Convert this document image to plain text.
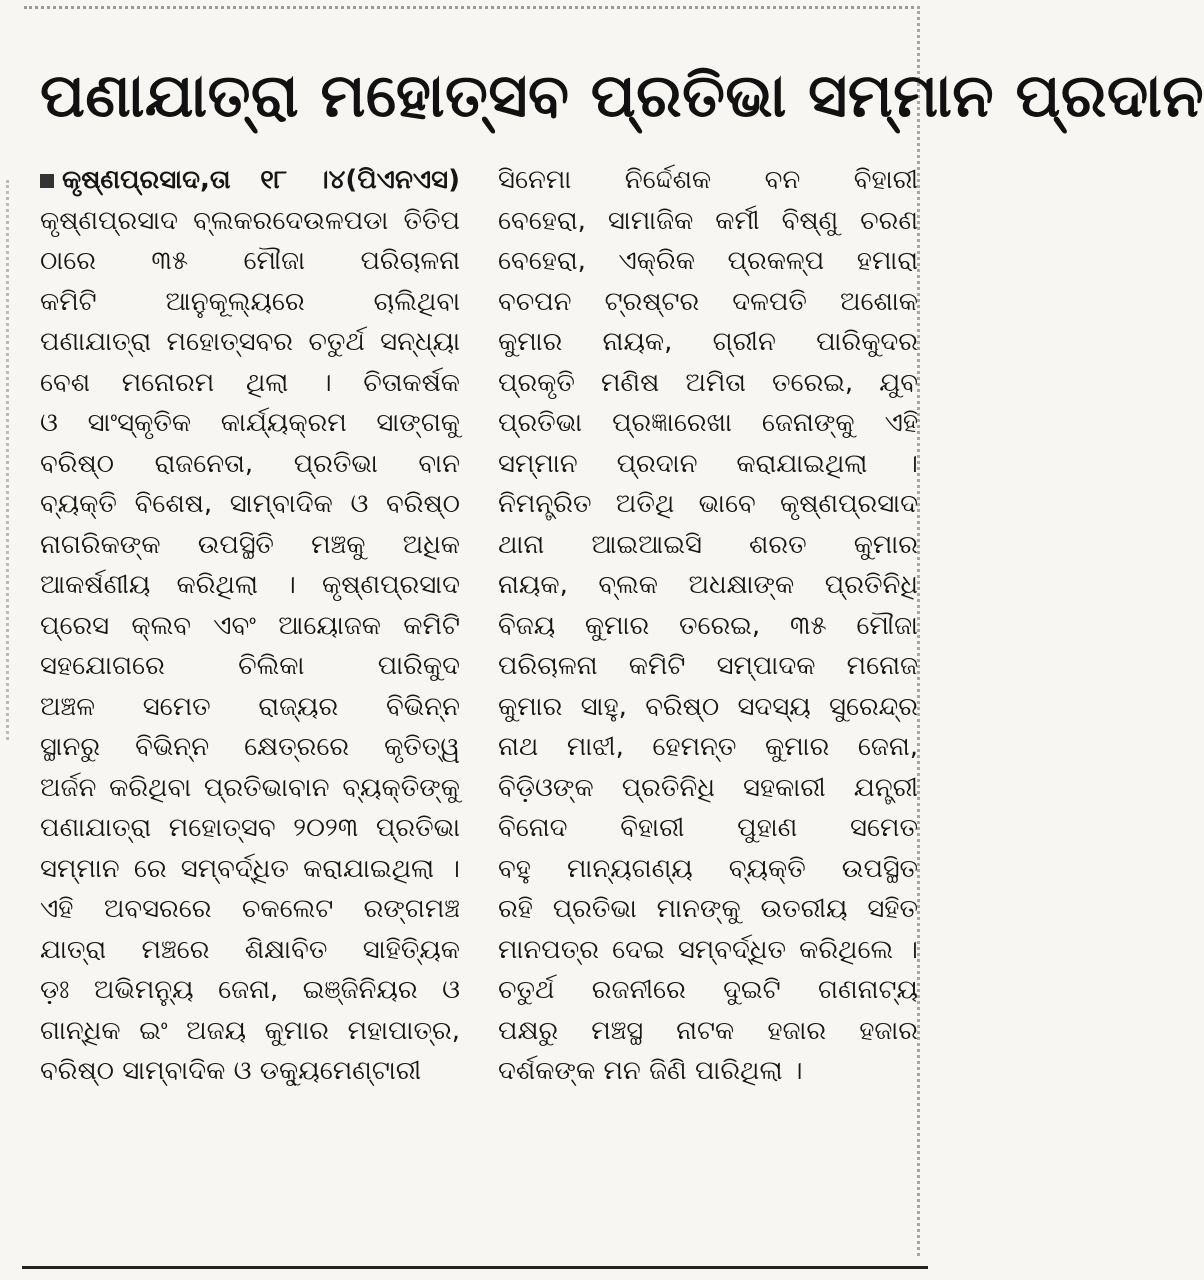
ପଣାଯାତ୍ରା ମହୋତ୍ସବ ପ୍ରତିଭା ସମ୍ମାନ ପ୍ରଦାନ

କୃଷ୍ଣପ୍ରସାଦ,ତା ୧୮ ।୪(ପିଏନଏସ)

କୃଷ୍ଣପ୍ରସାଦ ବ୍ଲକରଦେଉଳପଡା ତିତିପ

ଠାରେ ୩୫ ମୌଜା ପରିଚାଳନା

କମିଟି ଆନୁକୂଲ୍ୟରେ ଚାଲିଥିବା

ପଣାଯାତ୍ରା ମହୋତ୍ସବର ଚତୁର୍ଥ ସନ୍ଧ୍ୟା

ବେଶ ମନୋରମ ଥିଲା । ଚିତାକର୍ଷକ

ଓ ସାଂସ୍କୃତିକ କାର୍ଯ୍ୟକ୍ରମ ସାଙ୍ଗକୁ

ବରିଷ୍ଠ ରାଜନେତା, ପ୍ରତିଭା ବାନ

ବ୍ୟକ୍ତି ବିଶେଷ, ସାମ୍ବାଦିକ ଓ ବରିଷ୍ଠ

ନାଗରିକଙ୍କ ଉପସ୍ଥିତି ମଞ୍ଚକୁ ଅଧିକ

ଆକର୍ଷଣୀୟ କରିଥିଲା । କୃଷ୍ଣପ୍ରସାଦ

ପ୍ରେସ କ୍ଲବ ଏବଂ ଆୟୋଜକ କମିଟି

ସହଯୋଗରେ ଚିଲିକା ପାରିକୁଦ

ଅଞ୍ଚଳ ସମେତ ରାଜ୍ୟର ବିଭିନ୍ନ

ସ୍ଥାନରୁ ବିଭିନ୍ନ କ୍ଷେତ୍ରରେ କୃତିତ୍ୱ

ଅର୍ଜନ କରିଥିବା ପ୍ରତିଭାବାନ ବ୍ୟକ୍ତିଙ୍କୁ

ପଣାଯାତ୍ରା ମହୋତ୍ସବ ୨୦୨୩ ପ୍ରତିଭା

ସମ୍ମାନ ରେ ସମ୍ବର୍ଦ୍ଧିତ କରାଯାଇଥିଲା ।

ଏହି ଅବସରରେ ଚକଲେଟ ରଙ୍ଗମଞ୍ଚ

ଯାତ୍ରା ମଞ୍ଚରେ ଶିକ୍ଷାବିତ ସାହିତ୍ୟିକ

ଡ଼ଃ ଅଭିମନ୍ୟୁ ଜେନା, ଇଞ୍ଜିନିୟର ଓ

ଗାନ୍ଧିକ ଇଂ ଅଜୟ କୁମାର ମହାପାତ୍ର,

ବରିଷ୍ଠ ସାମ୍ବାଦିକ ଓ ଡକ୍ୟୁମେଣ୍ଟାରୀ

ସିନେମା ନିର୍ଦ୍ଦେଶକ ବନ ବିହାରୀ

ବେହେରା, ସାମାଜିକ କର୍ମୀ ବିଷ୍ଣୁ ଚରଣ

ବେହେରା, ଏକ୍ରିକ ପ୍ରକଳ୍ପ ହମାରା

ବଚପନ ଟ୍ରଷ୍ଟର ଦଳପତି ଅଶୋକ

କୁମାର ନାୟକ, ଗ୍ରୀନ ପାରିକୁଦର

ପ୍ରକୃତି ମଣିଷ ଅମିତା ତରେଇ, ଯୁବ

ପ୍ରତିଭା ପ୍ରଜ୍ଞାରେଖା ଜେନାଙ୍କୁ ଏହି

ସମ୍ମାନ ପ୍ରଦାନ କରାଯାଇଥିଲା ।

ନିମନ୍ତ୍ରିତ ଅତିଥି ଭାବେ କୃଷ୍ଣପ୍ରସାଦ

ଥାନା ଆଇଆଇସି ଶରତ କୁମାର

ନାୟକ, ବ୍ଲକ ଅଧକ୍ଷାଙ୍କ ପ୍ରତିନିଧି

ବିଜୟ କୁମାର ତରେଇ, ୩୫ ମୌଜା

ପରିଚାଳନା କମିଟି ସମ୍ପାଦକ ମନୋଜ

କୁମାର ସାହୁ, ବରିଷ୍ଠ ସଦସ୍ୟ ସୁରେନ୍ଦ୍ର

ନାଥ ମାଝୀ, ହେମନ୍ତ କୁମାର ଜେନା,

ବିଡ଼ିଓଙ୍କ ପ୍ରତିନିଧି ସହକାରୀ ଯନ୍ତ୍ରୀ

ବିନୋଦ ବିହାରୀ ପୁହାଣ ସମେତ

ବହୁ ମାନ୍ୟଗଣ୍ୟ ବ୍ୟକ୍ତି ଉପସ୍ଥିତ

ରହି ପ୍ରତିଭା ମାନଙ୍କୁ ଉତରୀୟ ସହିତ

ମାନପତ୍ର ଦେଇ ସମ୍ବର୍ଦ୍ଧିତ କରିଥିଲେ ।

ଚତୁର୍ଥ ରଜନୀରେ ଦୁଇଟି ଗଣନାଟ୍ୟ

ପକ୍ଷରୁ ମଞ୍ଚସ୍ଥ ନାଟକ ହଜାର ହଜାର

ଦର୍ଶକଙ୍କ ମନ ଜିଣି ପାରିଥିଲା ।
